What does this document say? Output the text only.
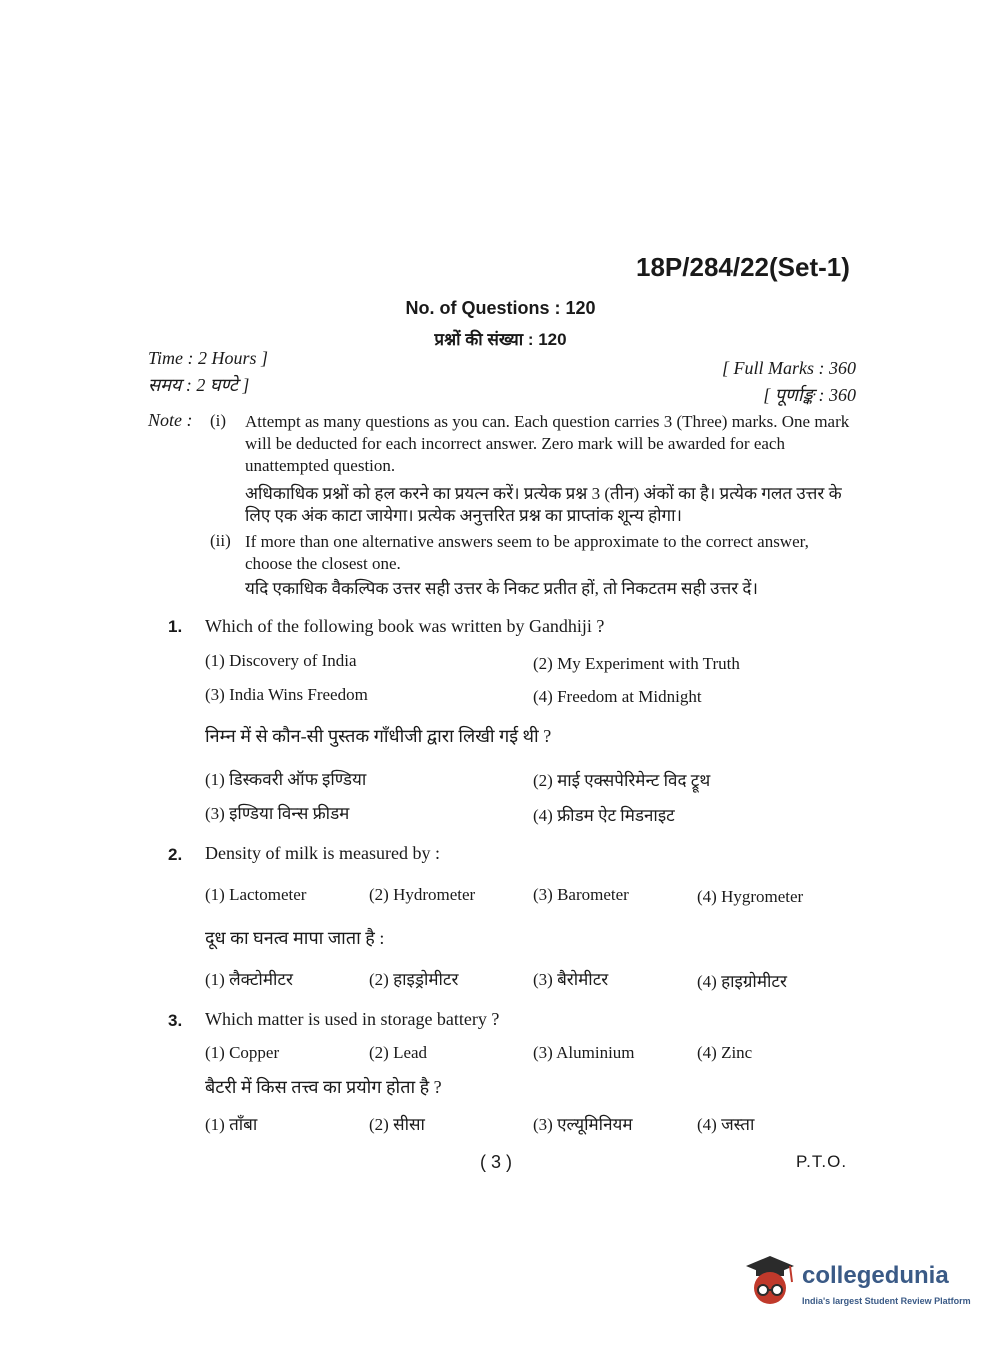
18P/284/22(Set-1)
No. of Questions : 120
प्रश्नों की संख्या : 120
Time : 2 Hours ]
समय : 2 घण्टे ]
[ Full Marks : 360
[ पूर्णाङ्क : 360
Note : (i) Attempt as many questions as you can. Each question carries 3 (Three) marks. One mark will be deducted for each incorrect answer. Zero mark will be awarded for each unattempted question.
अधिकाधिक प्रश्नों को हल करने का प्रयत्न करें। प्रत्येक प्रश्न 3 (तीन) अंकों का है। प्रत्येक गलत उत्तर के लिए एक अंक काटा जायेगा। प्रत्येक अनुत्तरित प्रश्न का प्राप्तांक शून्य होगा।
(ii) If more than one alternative answers seem to be approximate to the correct answer, choose the closest one.
यदि एकाधिक वैकल्पिक उत्तर सही उत्तर के निकट प्रतीत हों, तो निकटतम सही उत्तर दें।
1. Which of the following book was written by Gandhiji ?
(1) Discovery of India	(2) My Experiment with Truth
(3) India Wins Freedom	(4) Freedom at Midnight
निम्न में से कौन-सी पुस्तक गाँधीजी द्वारा लिखी गई थी ?
(1) डिस्कवरी ऑफ इण्डिया	(2) माई एक्सपेरिमेन्ट विद ट्रूथ
(3) इण्डिया विन्स फ्रीडम	(4) फ्रीडम ऐट मिडनाइट
2. Density of milk is measured by :
(1) Lactometer	(2) Hydrometer	(3) Barometer	(4) Hygrometer
दूध का घनत्व मापा जाता है :
(1) लैक्टोमीटर	(2) हाइड्रोमीटर	(3) बैरोमीटर	(4) हाइग्रोमीटर
3. Which matter is used in storage battery ?
(1) Copper	(2) Lead	(3) Aluminium	(4) Zinc
बैटरी में किस तत्त्व का प्रयोग होता है ?
(1) ताँबा	(2) सीसा	(3) एल्यूमिनियम	(4) जस्ता
( 3 )	P.T.O.
collegedunia
India's largest Student Review Platform
